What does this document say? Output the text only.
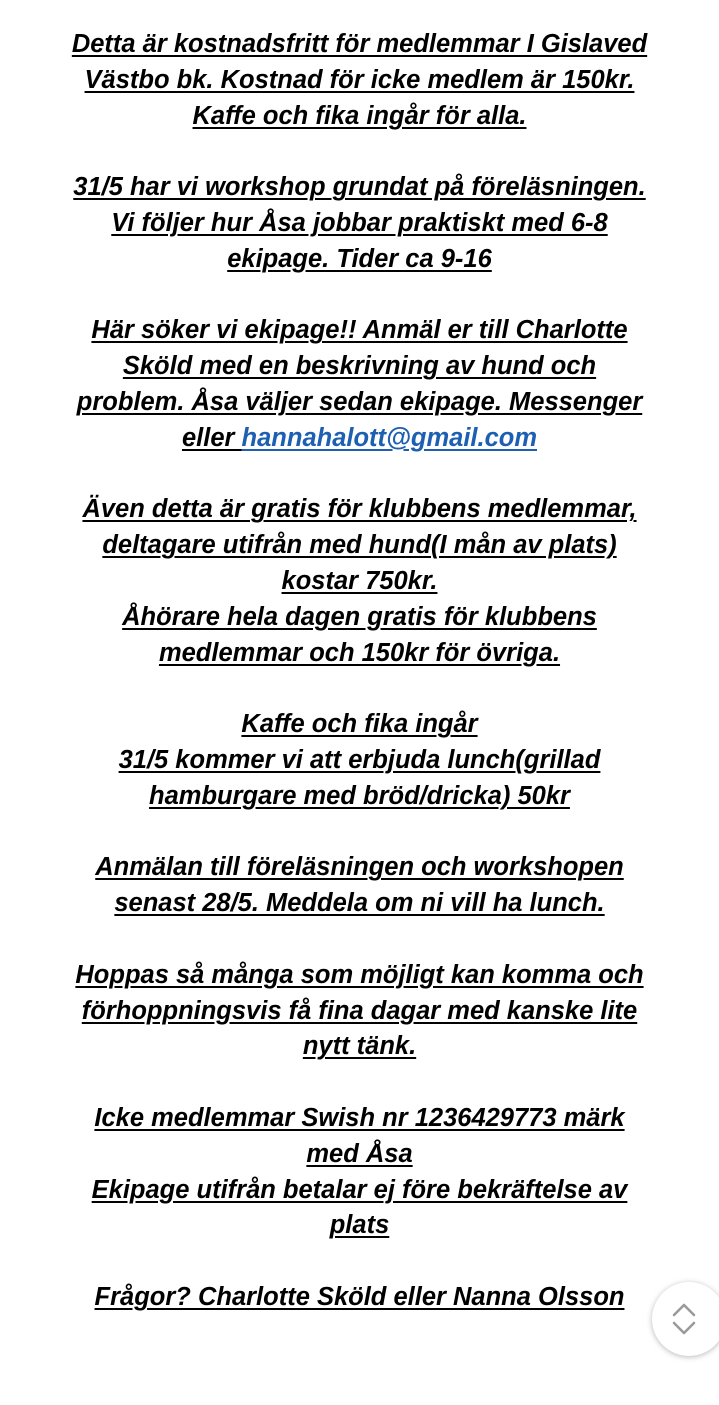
Detta är kostnadsfritt för medlemmar I Gislaved
Västbo bk. Kostnad för icke medlem är 150kr.
Kaffe och fika ingår för alla.

31/5 har vi workshop grundat på föreläsningen.
Vi följer hur Åsa jobbar praktiskt med 6-8
ekipage. Tider ca 9-16

Här söker vi ekipage!! Anmäl er till Charlotte
Sköld med en beskrivning av hund och
problem. Åsa väljer sedan ekipage. Messenger
eller hannahalott@gmail.com

Även detta är gratis för klubbens medlemmar,
deltagare utifrån med hund(I mån av plats)
kostar 750kr.
Åhörare hela dagen gratis för klubbens
medlemmar och 150kr för övriga.

Kaffe och fika ingår
31/5 kommer vi att erbjuda lunch(grillad
hamburgare med bröd/dricka) 50kr

Anmälan till föreläsningen och workshopen
senast 28/5. Meddela om ni vill ha lunch.

Hoppas så många som möjligt kan komma och
förhoppningsvis få fina dagar med kanske lite
nytt tänk.

Icke medlemmar Swish nr 1236429773 märk
med Åsa
Ekipage utifrån betalar ej före bekräftelse av
plats

Frågor? Charlotte Sköld eller Nanna Olsson
